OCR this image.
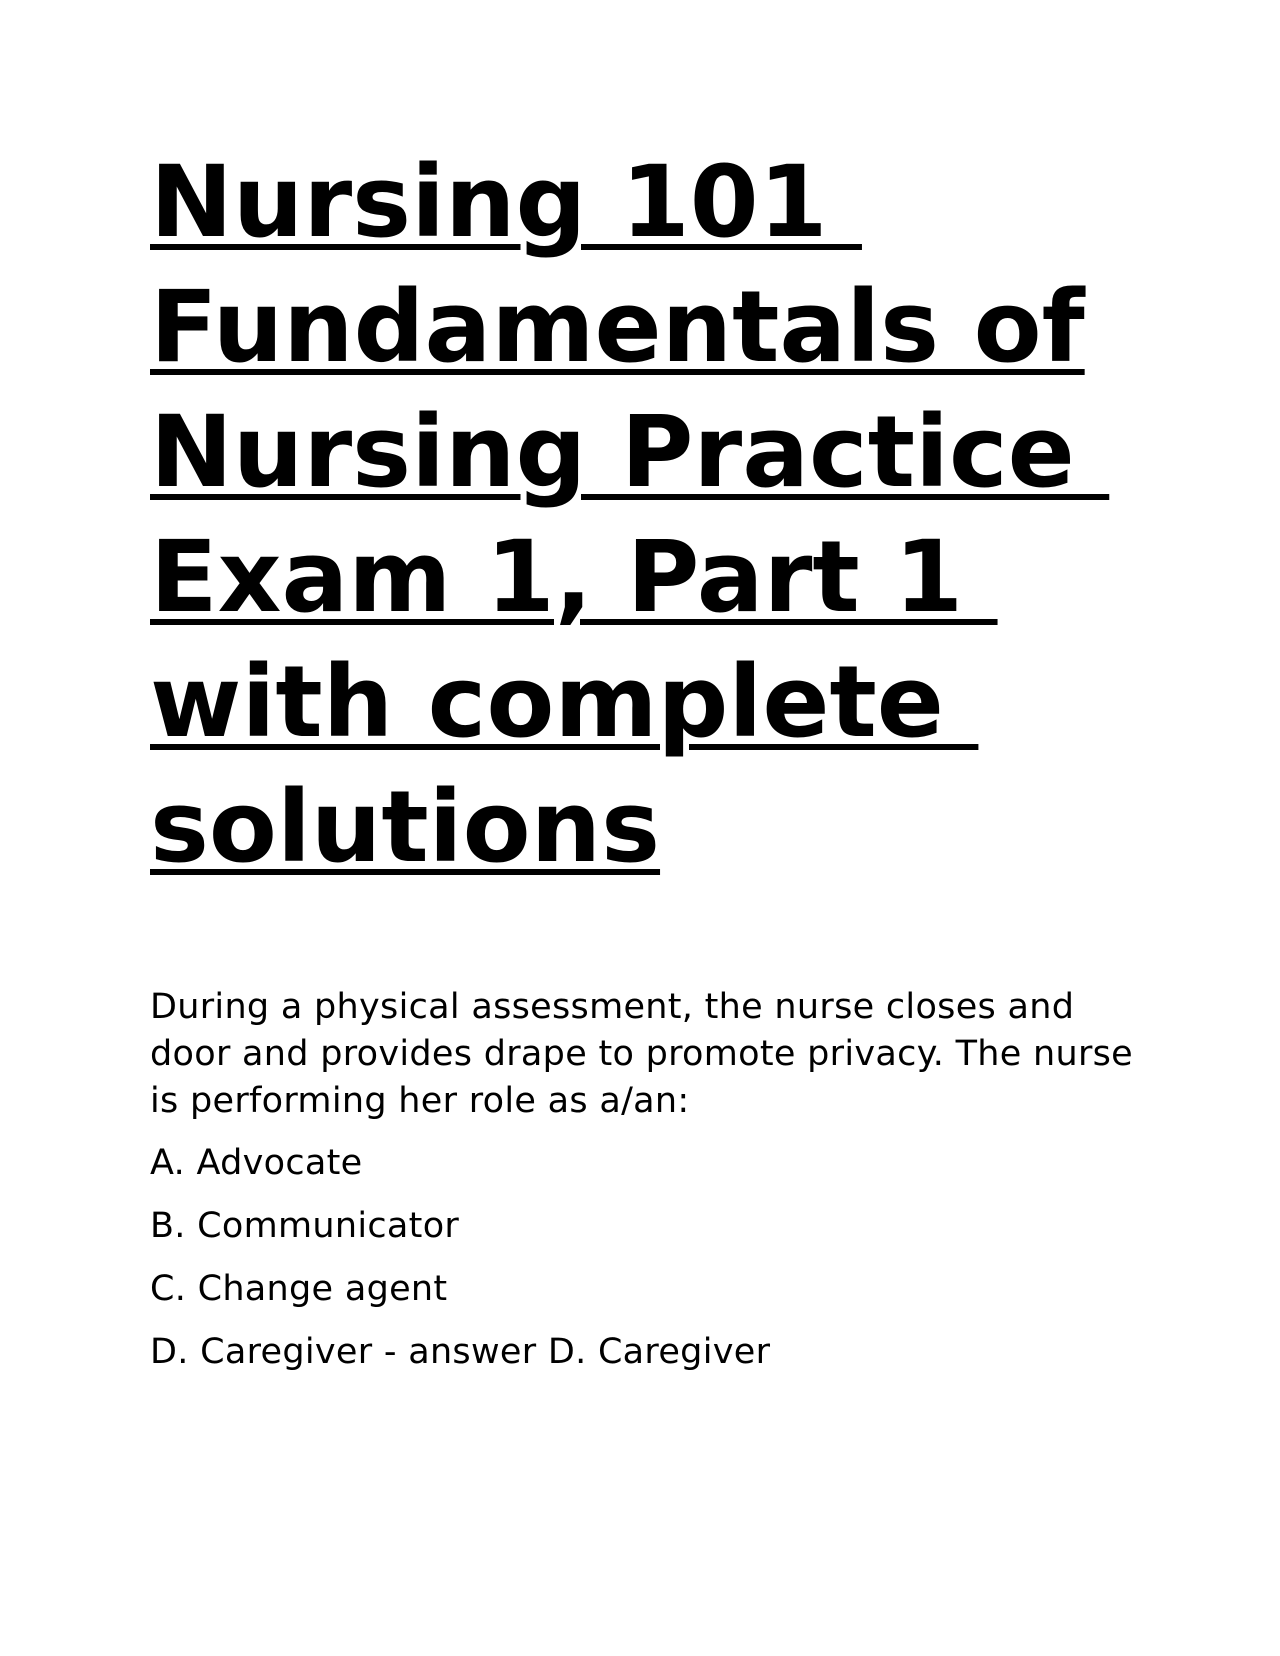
Nursing 101
Fundamentals of
Nursing Practice
Exam 1, Part 1
with complete
solutions

During a physical assessment, the nurse closes and door and provides drape to promote privacy. The nurse is performing her role as a/an:

A. Advocate
B. Communicator
C. Change agent
D. Caregiver - answer D. Caregiver
